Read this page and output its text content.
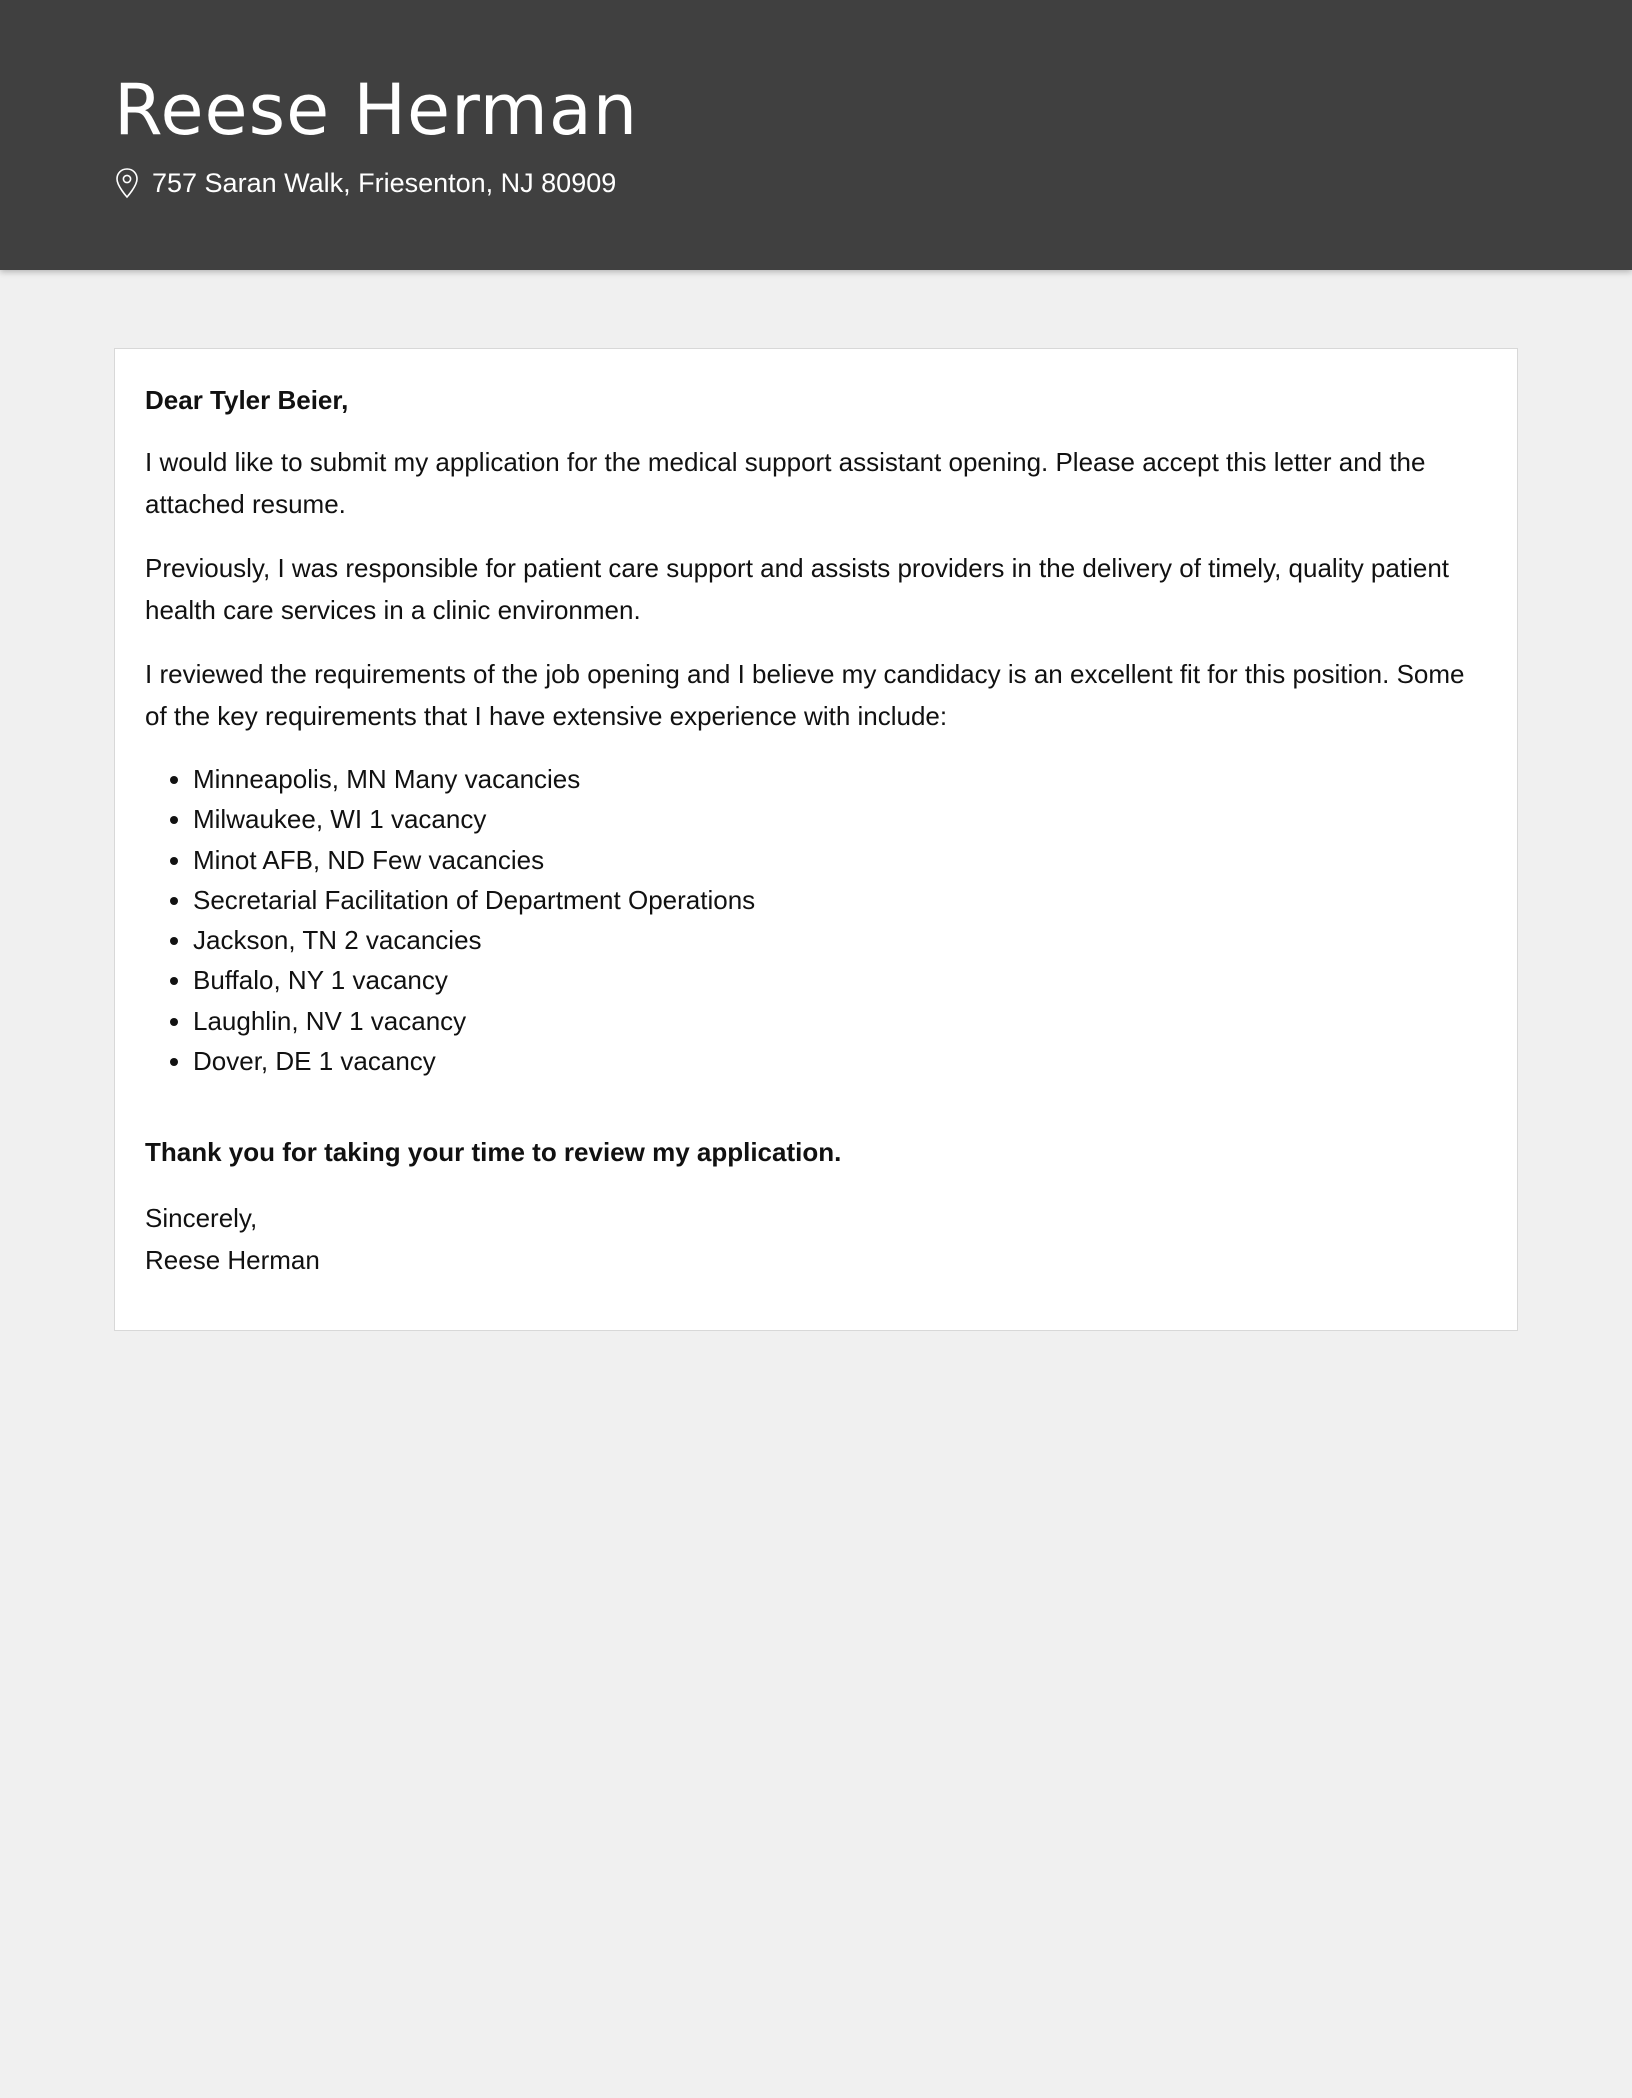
Reese Herman
757 Saran Walk, Friesenton, NJ 80909
Dear Tyler Beier,

I would like to submit my application for the medical support assistant opening. Please accept this letter and the attached resume.

Previously, I was responsible for patient care support and assists providers in the delivery of timely, quality patient health care services in a clinic environmen.

I reviewed the requirements of the job opening and I believe my candidacy is an excellent fit for this position. Some of the key requirements that I have extensive experience with include:

• Minneapolis, MN Many vacancies
• Milwaukee, WI 1 vacancy
• Minot AFB, ND Few vacancies
• Secretarial Facilitation of Department Operations
• Jackson, TN 2 vacancies
• Buffalo, NY 1 vacancy
• Laughlin, NV 1 vacancy
• Dover, DE 1 vacancy
Thank you for taking your time to review my application.
Sincerely,
Reese Herman
